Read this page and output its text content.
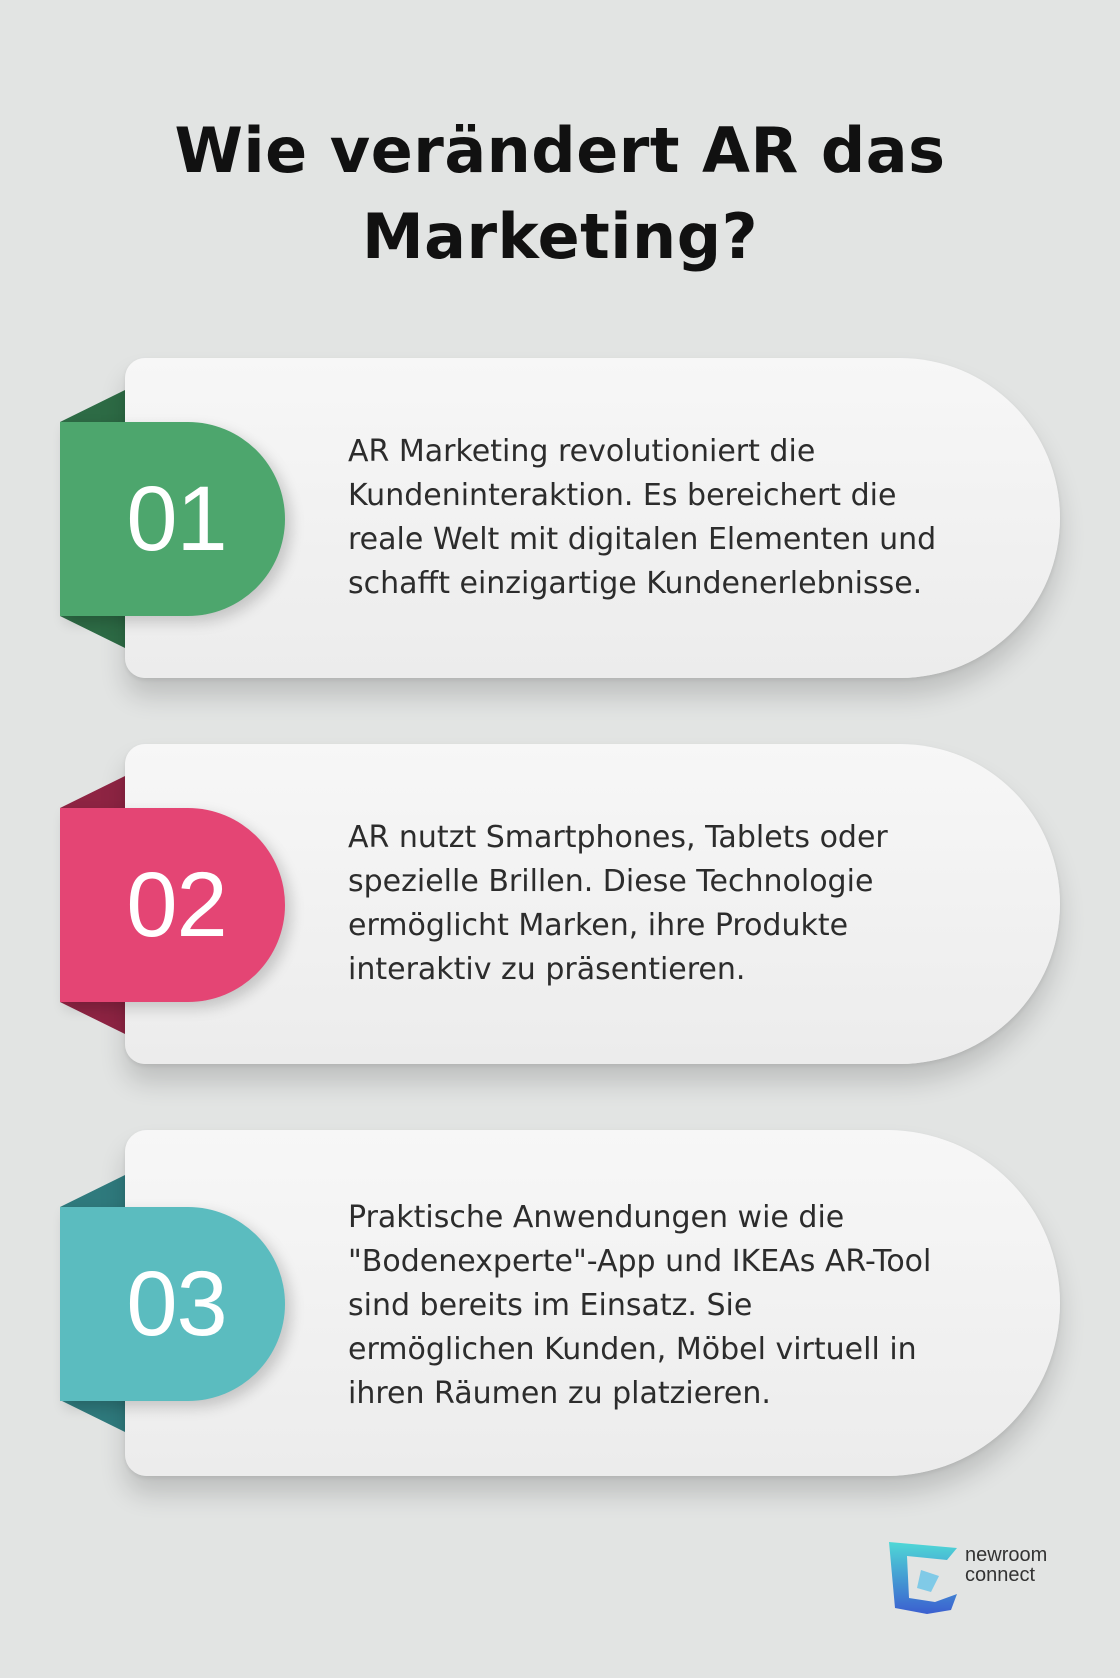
Wie verändert AR das
Marketing?
01
AR Marketing revolutioniert die Kundeninteraktion. Es bereichert die reale Welt mit digitalen Elementen und schafft einzigartige Kundenerlebnisse.
02
AR nutzt Smartphones, Tablets oder spezielle Brillen. Diese Technologie ermöglicht Marken, ihre Produkte interaktiv zu präsentieren.
03
Praktische Anwendungen wie die "Bodenexperte"-App und IKEAs AR-Tool sind bereits im Einsatz. Sie ermöglichen Kunden, Möbel virtuell in ihren Räumen zu platzieren.
newroom
connect
